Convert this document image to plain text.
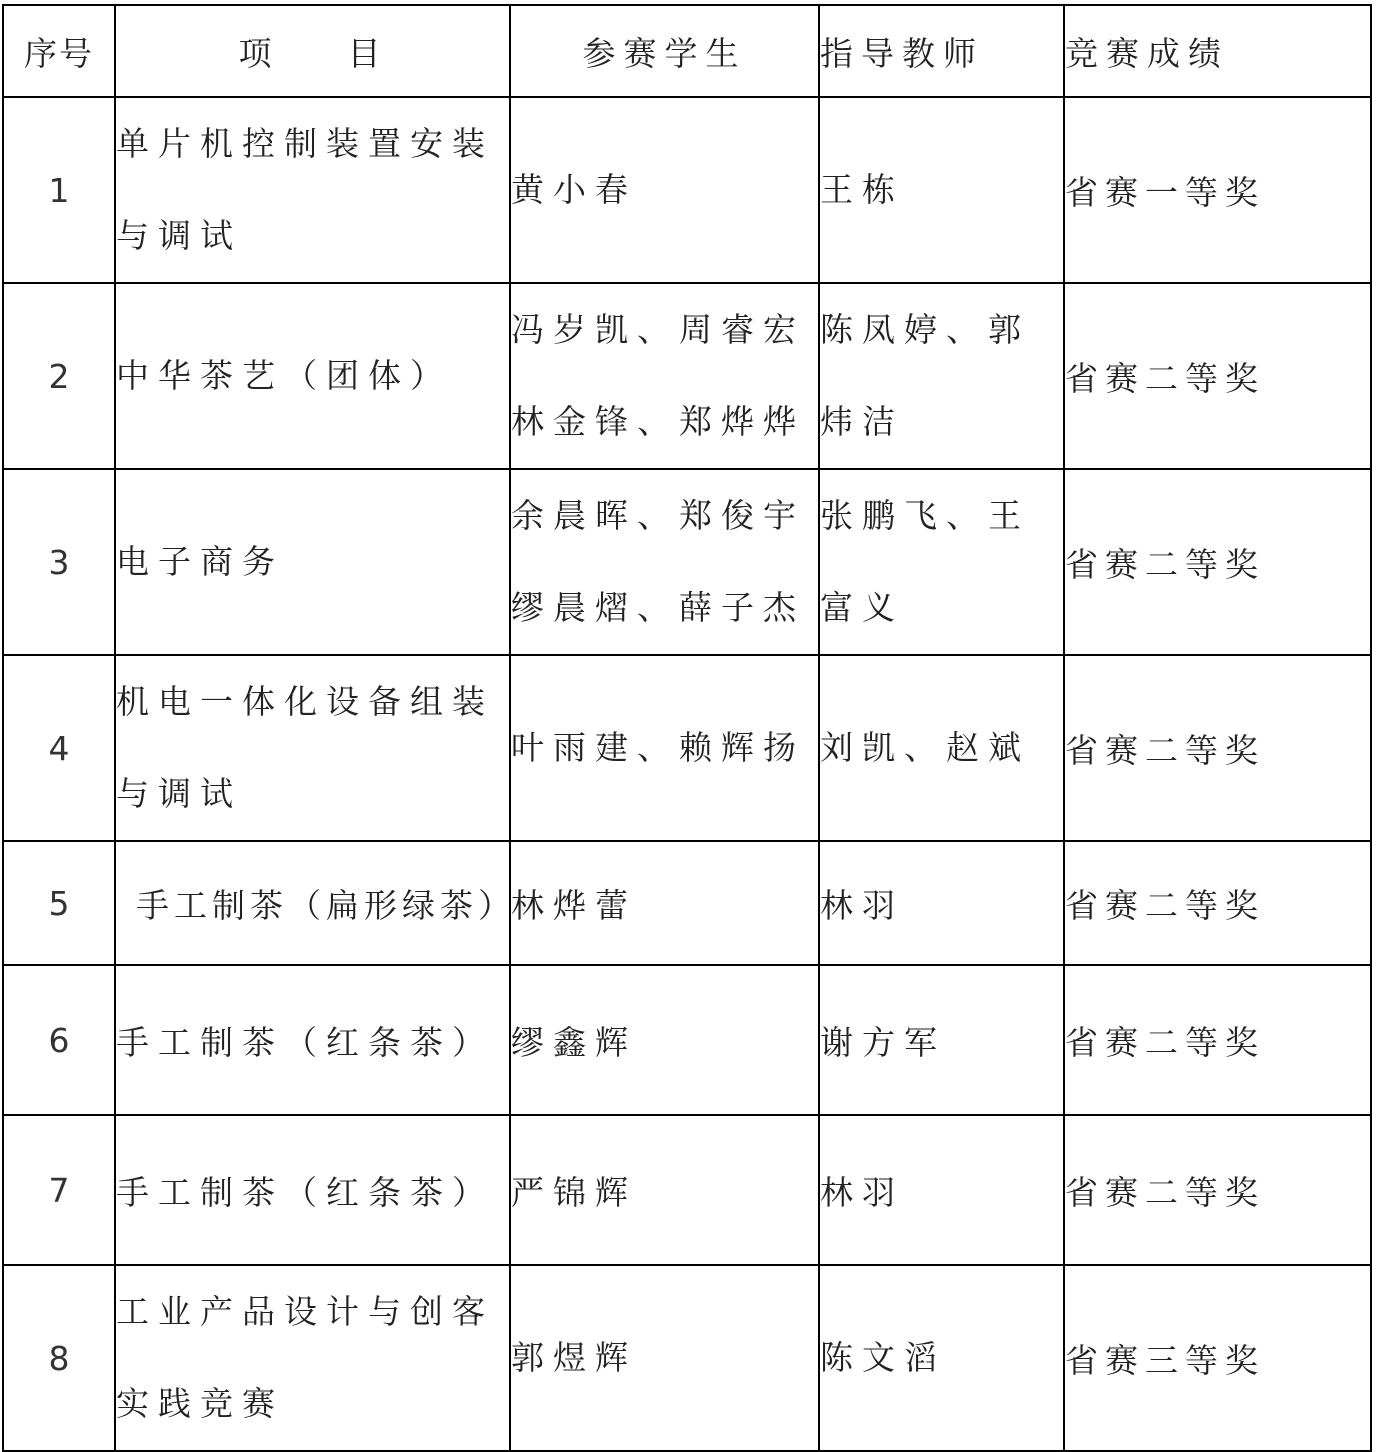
序号	项 目	参赛学生	指导教师	竞赛成绩
1	单片机控制装置安装
与调试	黄小春	王栋	省赛一等奖
2	中华茶艺（团体）	冯岁凯、周睿宏
林金锋、郑烨烨	陈凤婷、郭
炜洁	省赛二等奖
3	电子商务	余晨晖、郑俊宇
缪晨熠、薛子杰	张鹏飞、王
富义	省赛二等奖
4	机电一体化设备组装
与调试	叶雨建、赖辉扬	刘凯、赵斌	省赛二等奖
5	手工制茶（扁形绿茶）	林烨蕾	林羽	省赛二等奖
6	手工制茶（红条茶）	缪鑫辉	谢方军	省赛二等奖
7	手工制茶（红条茶）	严锦辉	林羽	省赛二等奖
8	工业产品设计与创客
实践竞赛	郭煜辉	陈文滔	省赛三等奖
